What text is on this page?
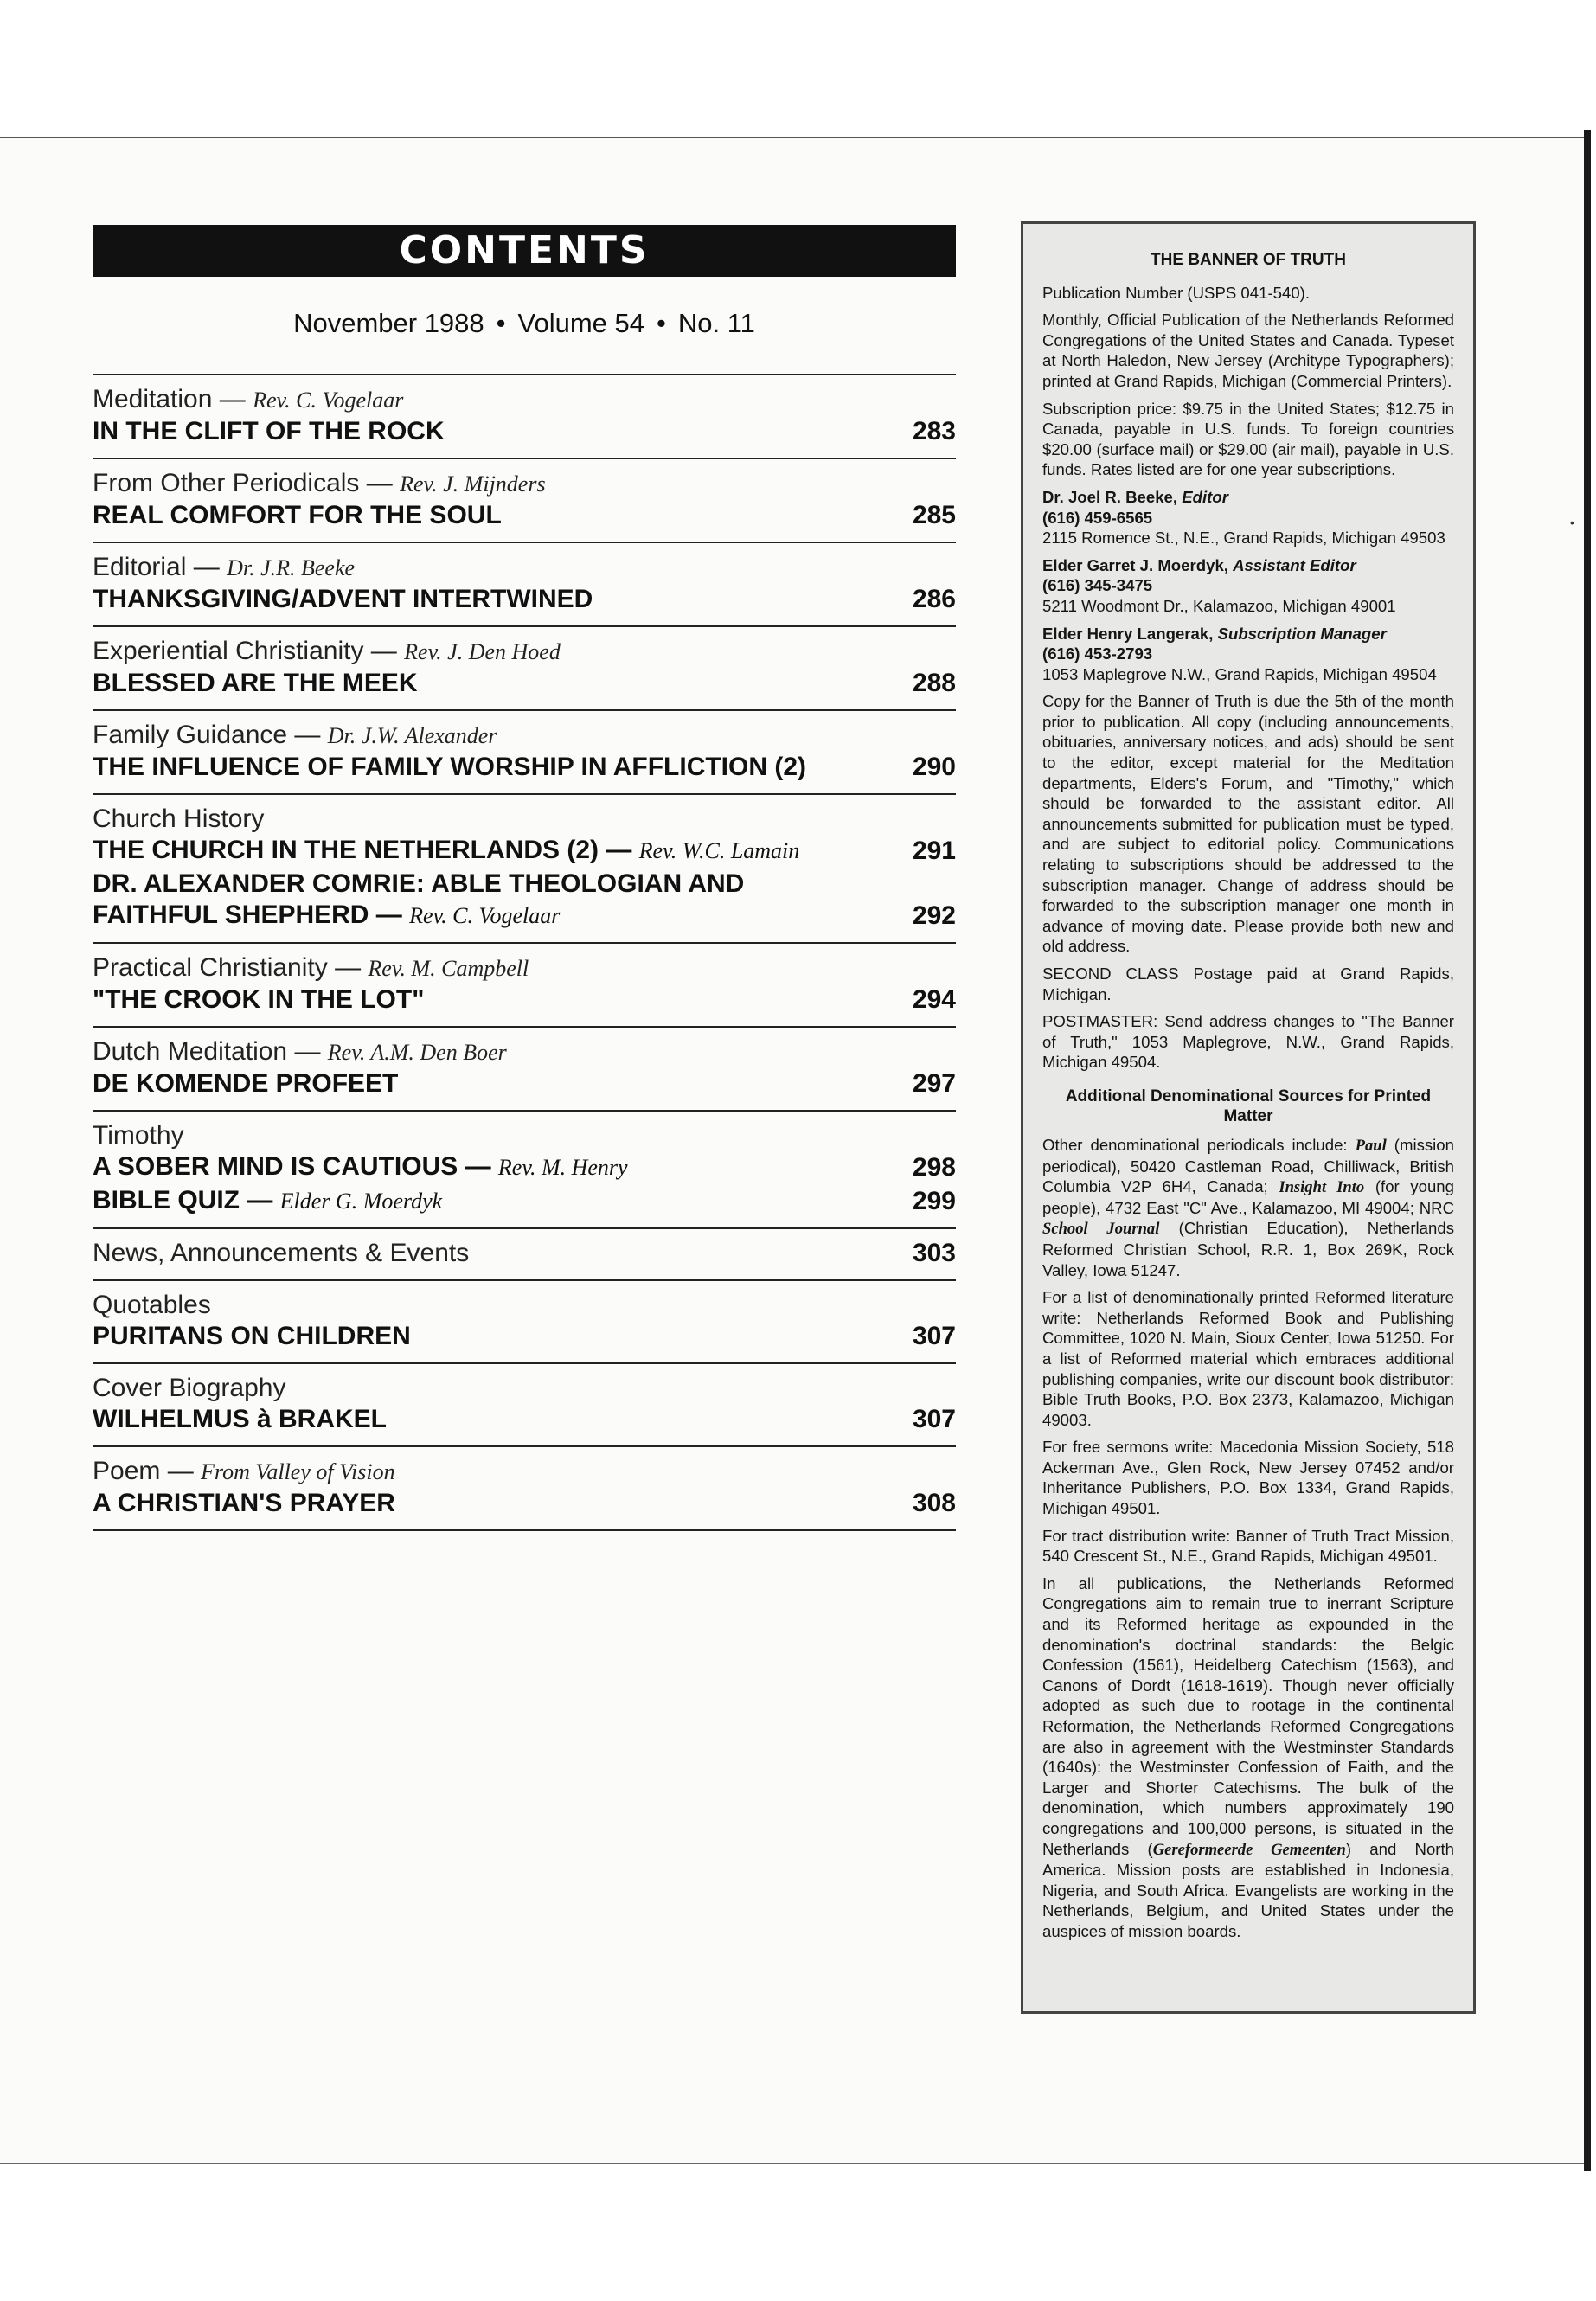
•
CONTENTS
November 1988 • Volume 54 • No. 11
Meditation — Rev. C. Vogelaar
IN THE CLIFT OF THE ROCK	283
From Other Periodicals — Rev. J. Mijnders
REAL COMFORT FOR THE SOUL	285
Editorial — Dr. J.R. Beeke
THANKSGIVING/ADVENT INTERTWINED	286
Experiential Christianity — Rev. J. Den Hoed
BLESSED ARE THE MEEK	288
Family Guidance — Dr. J.W. Alexander
THE INFLUENCE OF FAMILY WORSHIP IN AFFLICTION (2)	290
Church History
THE CHURCH IN THE NETHERLANDS (2) — Rev. W.C. Lamain	291
DR. ALEXANDER COMRIE: ABLE THEOLOGIAN AND FAITHFUL SHEPHERD — Rev. C. Vogelaar	292
Practical Christianity — Rev. M. Campbell
"THE CROOK IN THE LOT"	294
Dutch Meditation — Rev. A.M. Den Boer
DE KOMENDE PROFEET	297
Timothy
A SOBER MIND IS CAUTIOUS — Rev. M. Henry	298
BIBLE QUIZ — Elder G. Moerdyk	299
News, Announcements & Events	303
Quotables
PURITANS ON CHILDREN	307
Cover Biography
WILHELMUS à BRAKEL	307
Poem — From Valley of Vision
A CHRISTIAN'S PRAYER	308
THE BANNER OF TRUTH

Publication Number (USPS 041-540).

Monthly, Official Publication of the Netherlands Reformed Congregations of the United States and Canada. Typeset at North Haledon, New Jersey (Architype Typographers); printed at Grand Rapids, Michigan (Commercial Printers).

Subscription price: $9.75 in the United States; $12.75 in Canada, payable in U.S. funds. To foreign countries $20.00 (surface mail) or $29.00 (air mail), payable in U.S. funds. Rates listed are for one year subscriptions.

Dr. Joel R. Beeke, Editor
(616) 459-6565
2115 Romence St., N.E., Grand Rapids, Michigan 49503
Elder Garret J. Moerdyk, Assistant Editor
(616) 345-3475
5211 Woodmont Dr., Kalamazoo, Michigan 49001
Elder Henry Langerak, Subscription Manager
(616) 453-2793
1053 Maplegrove N.W., Grand Rapids, Michigan 49504

Copy for the Banner of Truth is due the 5th of the month prior to publication. All copy (including announcements, obituaries, anniversary notices, and ads) should be sent to the editor, except material for the Meditation departments, Elders's Forum, and "Timothy," which should be forwarded to the assistant editor. All announcements submitted for publication must be typed, and are subject to editorial policy. Communications relating to subscriptions should be addressed to the subscription manager. Change of address should be forwarded to the subscription manager one month in advance of moving date. Please provide both new and old address.

SECOND CLASS Postage paid at Grand Rapids, Michigan.

POSTMASTER: Send address changes to "The Banner of Truth," 1053 Maplegrove, N.W., Grand Rapids, Michigan 49504.

Additional Denominational Sources for Printed Matter

Other denominational periodicals include: Paul (mission periodical), 50420 Castleman Road, Chilliwack, British Columbia V2P 6H4, Canada; Insight Into (for young people), 4732 East "C" Ave., Kalamazoo, MI 49004; NRC School Journal (Christian Education), Netherlands Reformed Christian School, R.R. 1, Box 269K, Rock Valley, Iowa 51247.

For a list of denominationally printed Reformed literature write: Netherlands Reformed Book and Publishing Committee, 1020 N. Main, Sioux Center, Iowa 51250. For a list of Reformed material which embraces additional publishing companies, write our discount book distributor: Bible Truth Books, P.O. Box 2373, Kalamazoo, Michigan 49003.

For free sermons write: Macedonia Mission Society, 518 Ackerman Ave., Glen Rock, New Jersey 07452 and/or Inheritance Publishers, P.O. Box 1334, Grand Rapids, Michigan 49501.

For tract distribution write: Banner of Truth Tract Mission, 540 Crescent St., N.E., Grand Rapids, Michigan 49501.

In all publications, the Netherlands Reformed Congregations aim to remain true to inerrant Scripture and its Reformed heritage as expounded in the denomination's doctrinal standards: the Belgic Confession (1561), Heidelberg Catechism (1563), and Canons of Dordt (1618-1619). Though never officially adopted as such due to rootage in the continental Reformation, the Netherlands Reformed Congregations are also in agreement with the Westminster Standards (1640s): the Westminster Confession of Faith, and the Larger and Shorter Catechisms. The bulk of the denomination, which numbers approximately 190 congregations and 100,000 persons, is situated in the Netherlands (Gereformeerde Gemeenten) and North America. Mission posts are established in Indonesia, Nigeria, and South Africa. Evangelists are working in the Netherlands, Belgium, and United States under the auspices of mission boards.
